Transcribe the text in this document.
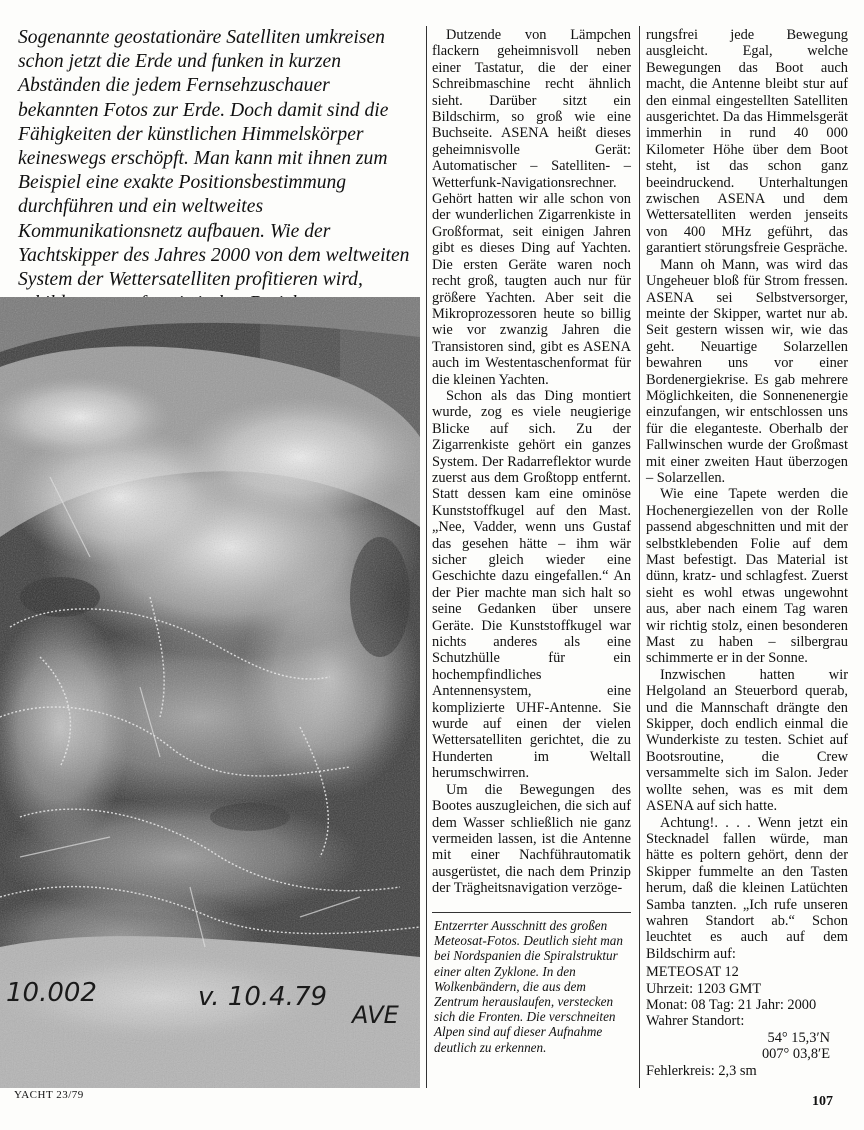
Sogenannte geostationäre Satelliten umkreisen schon jetzt die Erde und funken in kurzen Abständen die jedem Fernsehzuschauer bekannten Fotos zur Erde. Doch damit sind die Fähigkeiten der künstlichen Himmelskörper keineswegs erschöpft. Man kann mit ihnen zum Beispiel eine exakte Positionsbestimmung durchführen und ein weltweites Kommunikationsnetz aufbauen. Wie der Yachtskipper des Jahres 2000 von dem weltweiten System der Wettersatelliten profitieren wird,

10.002	v. 10.4.79
AVE

Dutzende von Lämpchen flackern geheimnisvoll neben einer Tastatur, die der einer Schreibmaschine recht ähnlich sieht. Darüber sitzt ein Bildschirm, so groß wie eine Buchseite. ASENA heißt dieses geheimnisvolle Gerät: Automatischer – Satelliten- – Wetterfunk-Navigationsrechner. Gehört hatten wir alle schon von der wunderlichen Zigarrenkiste in Großformat, seit einigen Jahren gibt es dieses Ding auf Yachten. Die ersten Geräte waren noch recht groß, taugten auch nur für größere Yachten. Aber seit die Mikroprozessoren heute so billig wie vor zwanzig Jahren die Transistoren sind, gibt es ASENA auch im Westentaschenformat für die kleinen Yachten.

Schon als das Ding montiert wurde, zog es viele neugierige Blicke auf sich. Zu der Zigarrenkiste gehört ein ganzes System. Der Radarreflektor wurde zuerst aus dem Großtopp entfernt. Statt dessen kam eine ominöse Kunststoffkugel auf den Mast. „Nee, Vadder, wenn uns Gustaf das gesehen hätte – ihm wär sicher gleich wieder eine Geschichte dazu eingefallen.“ An der Pier machte man sich halt so seine Gedanken über unsere Geräte. Die Kunststoffkugel war nichts anderes als eine Schutzhülle für ein hochempfindliches Antennensystem, eine komplizierte UHF-Antenne. Sie wurde auf einen der vielen Wettersatelliten gerichtet, die zu Hunderten im Weltall herumschwirren.

Um die Bewegungen des Bootes auszugleichen, die sich auf dem Wasser schließlich nie ganz vermeiden lassen, ist die Antenne mit einer Nachführautomatik ausgerüstet, die nach dem Prinzip der Trägheitsnavigation verzöge-

Entzerrter Ausschnitt des großen Meteosat-Fotos. Deutlich sieht man bei Nordspanien die Spiralstruktur einer alten Zyklone. In den Wolkenbändern, die aus dem Zentrum herauslaufen, verstecken sich die Fronten. Die verschneiten Alpen sind auf dieser Aufnahme deutlich zu erkennen.

rungsfrei jede Bewegung ausgleicht. Egal, welche Bewegungen das Boot auch macht, die Antenne bleibt stur auf den einmal eingestellten Satelliten ausgerichtet. Da das Himmelsgerät immerhin in rund 40 000 Kilometer Höhe über dem Boot steht, ist das schon ganz beeindruckend. Unterhaltungen zwischen ASENA und dem Wettersatelliten werden jenseits von 400 MHz geführt, das garantiert störungsfreie Gespräche.

Mann oh Mann, was wird das Ungeheuer bloß für Strom fressen. ASENA sei Selbstversorger, meinte der Skipper, wartet nur ab. Seit gestern wissen wir, wie das geht. Neuartige Solarzellen bewahren uns vor einer Bordenergiekrise. Es gab mehrere Möglichkeiten, die Sonnenenergie einzufangen, wir entschlossen uns für die eleganteste. Oberhalb der Fallwinschen wurde der Großmast mit einer zweiten Haut überzogen – Solarzellen.

Wie eine Tapete werden die Hochenergiezellen von der Rolle passend abgeschnitten und mit der selbstklebenden Folie auf dem Mast befestigt. Das Material ist dünn, kratz- und schlagfest. Zuerst sieht es wohl etwas ungewohnt aus, aber nach einem Tag waren wir richtig stolz, einen besonderen Mast zu haben – silbergrau schimmerte er in der Sonne.

Inzwischen hatten wir Helgoland an Steuerbord querab, und die Mannschaft drängte den Skipper, doch endlich einmal die Wunderkiste zu testen. Schiet auf Bootsroutine, die Crew versammelte sich im Salon. Jeder wollte sehen, was es mit dem ASENA auf sich hatte.

Achtung!. . . . Wenn jetzt ein Stecknadel fallen würde, man hätte es poltern gehört, denn der Skipper fummelte an den Tasten herum, daß die kleinen Latüchten Samba tanzten. „Ich rufe unseren wahren Standort ab.“ Schon leuchtet es auch auf dem Bildschirm auf:

METEOSAT 12
Uhrzeit: 1203 GMT
Monat: 08 Tag: 21 Jahr: 2000
Wahrer Standort:
54° 15,3′N
007° 03,8′E
Fehlerkreis: 2,3 sm
YACHT 23/79	107
